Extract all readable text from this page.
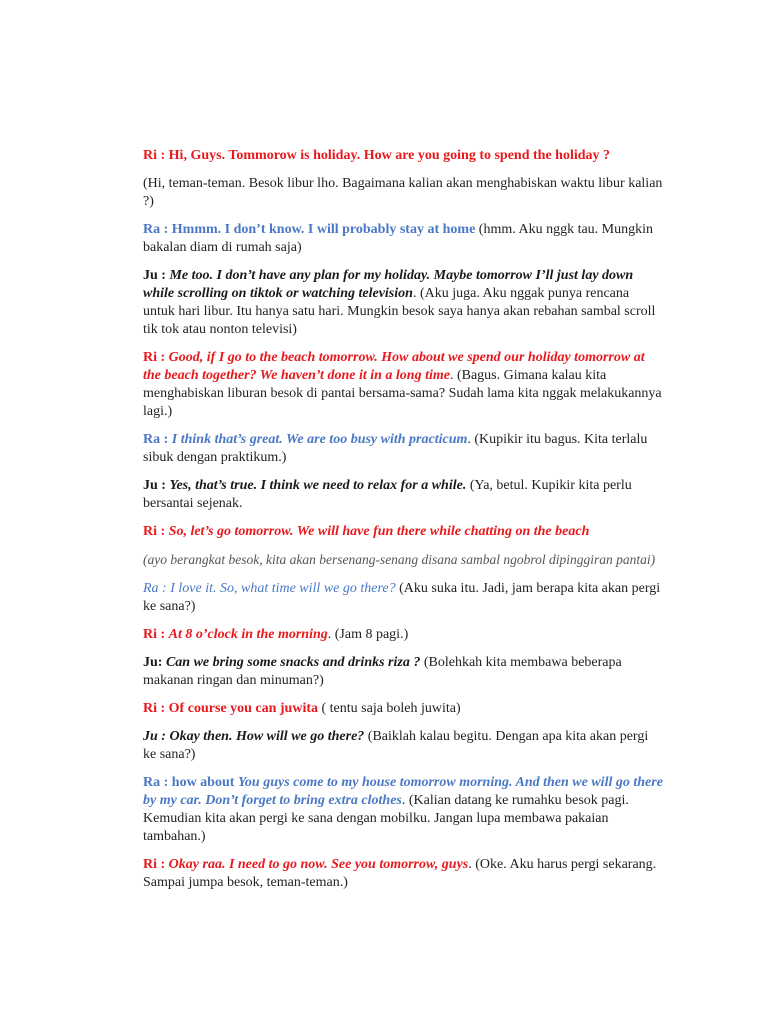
Ri : Hi, Guys. Tommorow is holiday. How are you going to spend the holiday ?

(Hi, teman-teman. Besok libur lho. Bagaimana kalian akan menghabiskan waktu libur kalian ?)

Ra : Hmmm. I don’t know. I will probably stay at home (hmm. Aku nggk tau. Mungkin bakalan diam di rumah saja)

Ju : Me too. I don’t have any plan for my holiday. Maybe tomorrow I’ll just lay down while scrolling on tiktok or watching television. (Aku juga. Aku nggak punya rencana untuk hari libur. Itu hanya satu hari. Mungkin besok saya hanya akan rebahan sambal scroll tik tok atau nonton televisi)

Ri : Good, if I go to the beach tomorrow. How about we spend our holiday tomorrow at the beach together? We haven’t done it in a long time. (Bagus. Gimana kalau kita menghabiskan liburan besok di pantai bersama-sama? Sudah lama kita nggak melakukannya lagi.)

Ra : I think that’s great. We are too busy with practicum. (Kupikir itu bagus. Kita terlalu sibuk dengan praktikum.)

Ju : Yes, that’s true. I think we need to relax for a while. (Ya, betul. Kupikir kita perlu bersantai sejenak.

Ri : So, let’s go tomorrow. We will have fun there while chatting on the beach

(ayo berangkat besok, kita akan bersenang-senang disana sambal ngobrol dipinggiran pantai)

Ra : I love it. So, what time will we go there? (Aku suka itu. Jadi, jam berapa kita akan pergi ke sana?)

Ri : At 8 o’clock in the morning. (Jam 8 pagi.)

Ju: Can we bring some snacks and drinks riza ? (Bolehkah kita membawa beberapa makanan ringan dan minuman?)

Ri : Of course you can juwita ( tentu saja boleh juwita)

Ju : Okay then. How will we go there? (Baiklah kalau begitu. Dengan apa kita akan pergi ke sana?)

Ra : how about You guys come to my house tomorrow morning. And then we will go there by my car. Don’t forget to bring extra clothes. (Kalian datang ke rumahku besok pagi. Kemudian kita akan pergi ke sana dengan mobilku. Jangan lupa membawa pakaian tambahan.)

Ri : Okay raa. I need to go now. See you tomorrow, guys. (Oke. Aku harus pergi sekarang. Sampai jumpa besok, teman-teman.)
